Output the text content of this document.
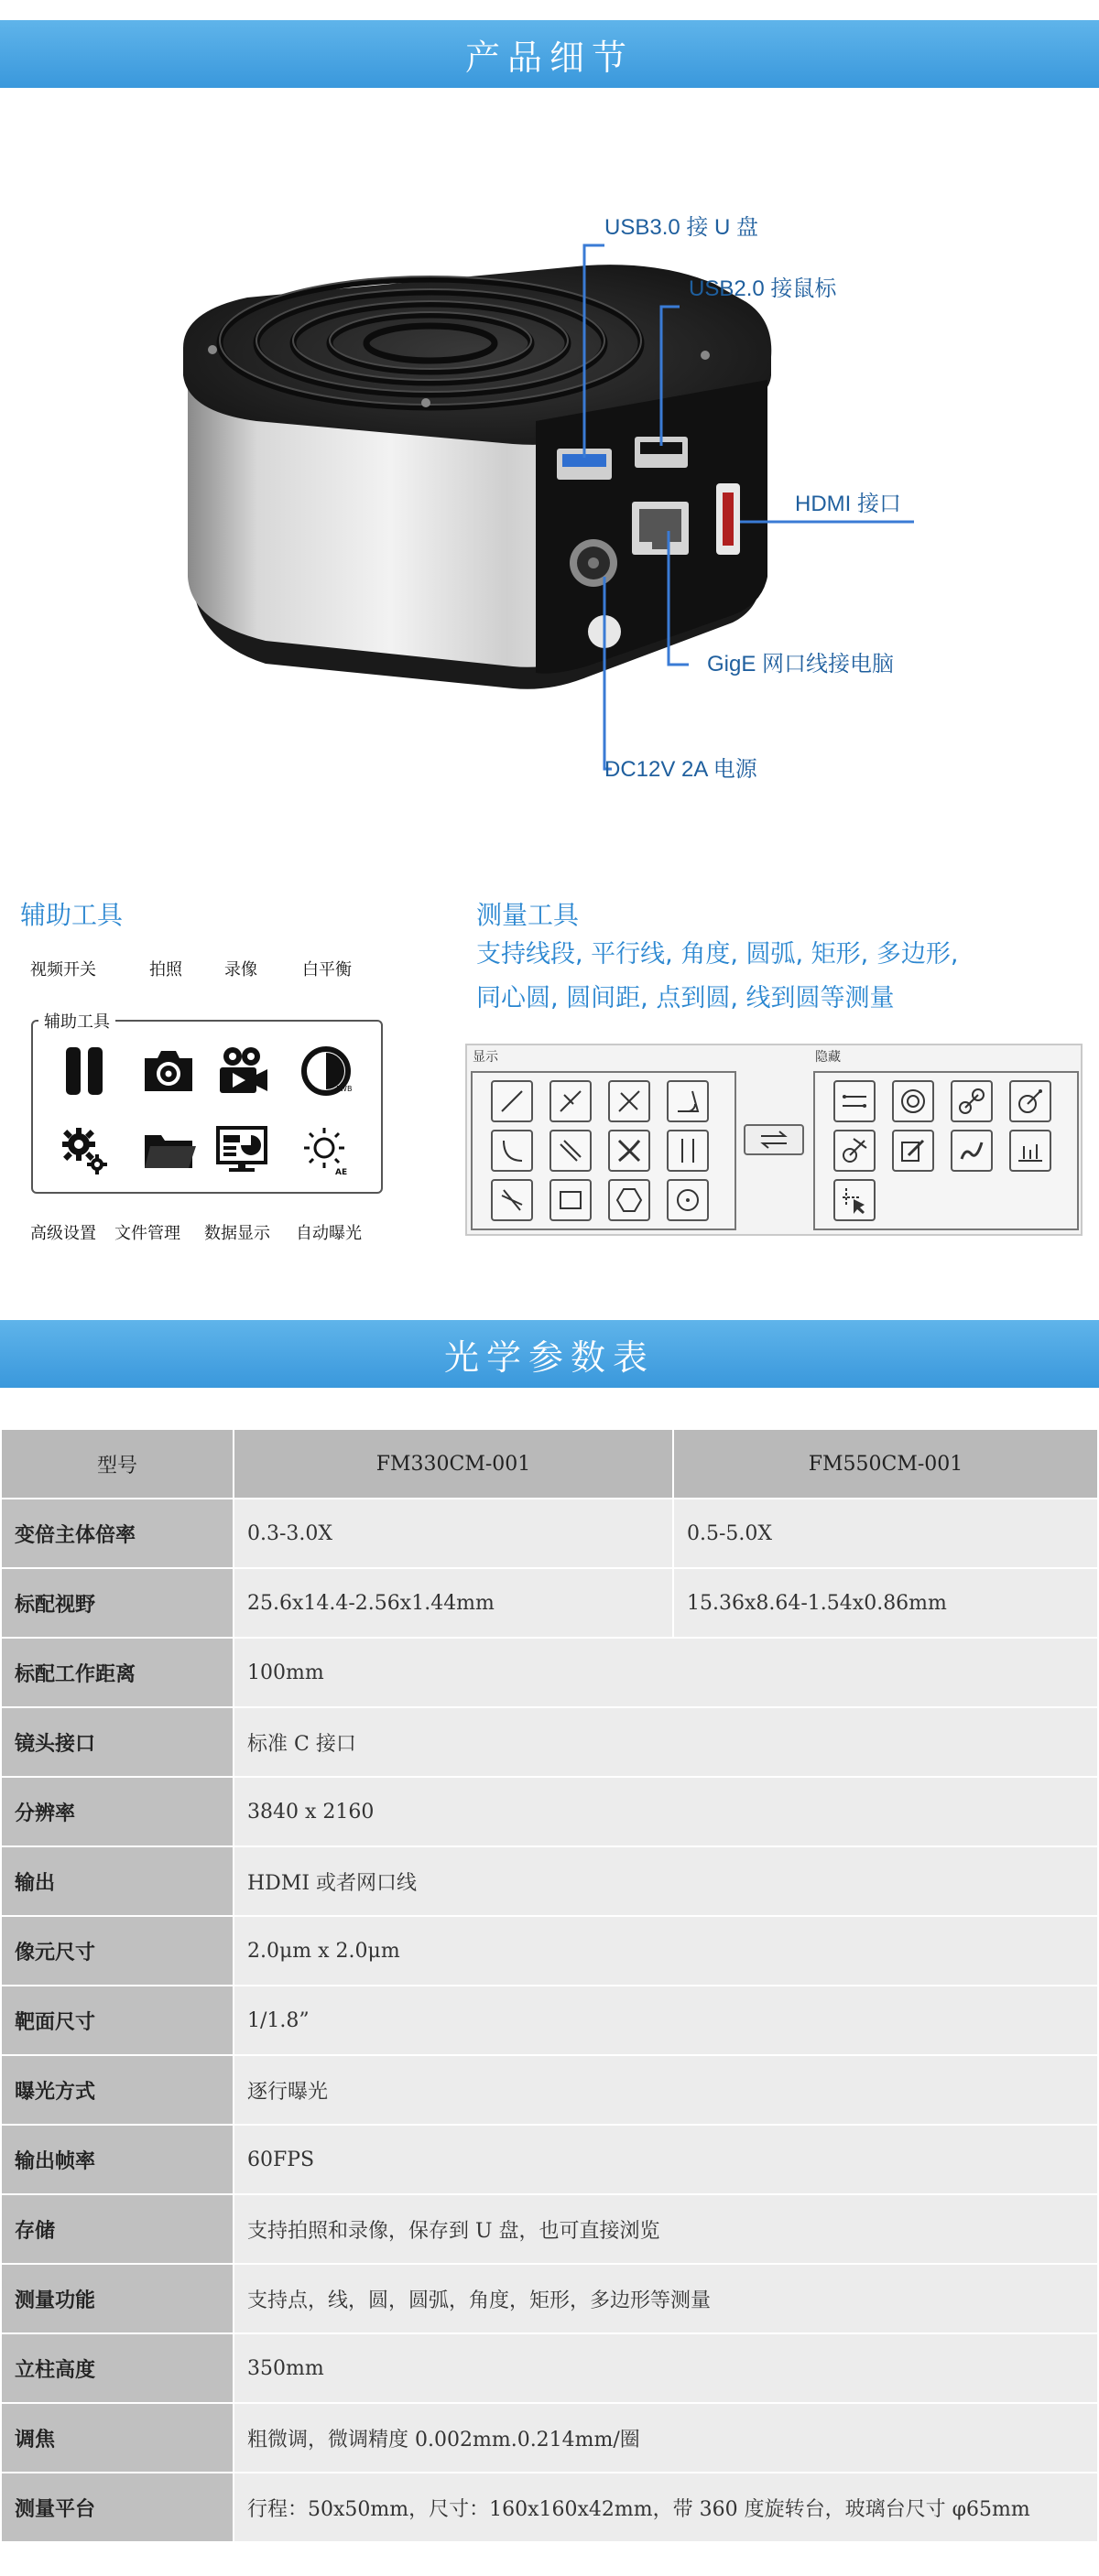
产品细节
USB3.0 接 U 盘
USB2.0 接鼠标
HDMI 接口
GigE 网口线接电脑
DC12V 2A 电源
辅助工具
视频开关	拍照	录像	白平衡
辅助工具
AWB
AE
高级设置	文件管理	数据显示	自动曝光
测量工具
支持线段, 平行线, 角度, 圆弧, 矩形, 多边形,
同心圆, 圆间距, 点到圆, 线到圆等测量
显示	隐藏
光学参数表
型号	FM330CM-001	FM550CM-001
变倍主体倍率	0.3-3.0X	0.5-5.0X
标配视野	25.6x14.4-2.56x1.44mm	15.36x8.64-1.54x0.86mm
标配工作距离	100mm	
镜头接口	标准 C 接口	
分辨率	3840 x 2160	
输出	HDMI 或者网口线	
像元尺寸	2.0μm x 2.0μm	
靶面尺寸	1/1.8”	
曝光方式	逐行曝光	
输出帧率	60FPS	
存储	支持拍照和录像，保存到 U 盘，也可直接浏览	
测量功能	支持点，线，圆，圆弧，角度，矩形，多边形等测量	
立柱高度	350mm	
调焦	粗微调，微调精度 0.002mm.0.214mm/圈	
测量平台	行程：50x50mm，尺寸：160x160x42mm，带 360 度旋转台，玻璃台尺寸 φ65mm	
